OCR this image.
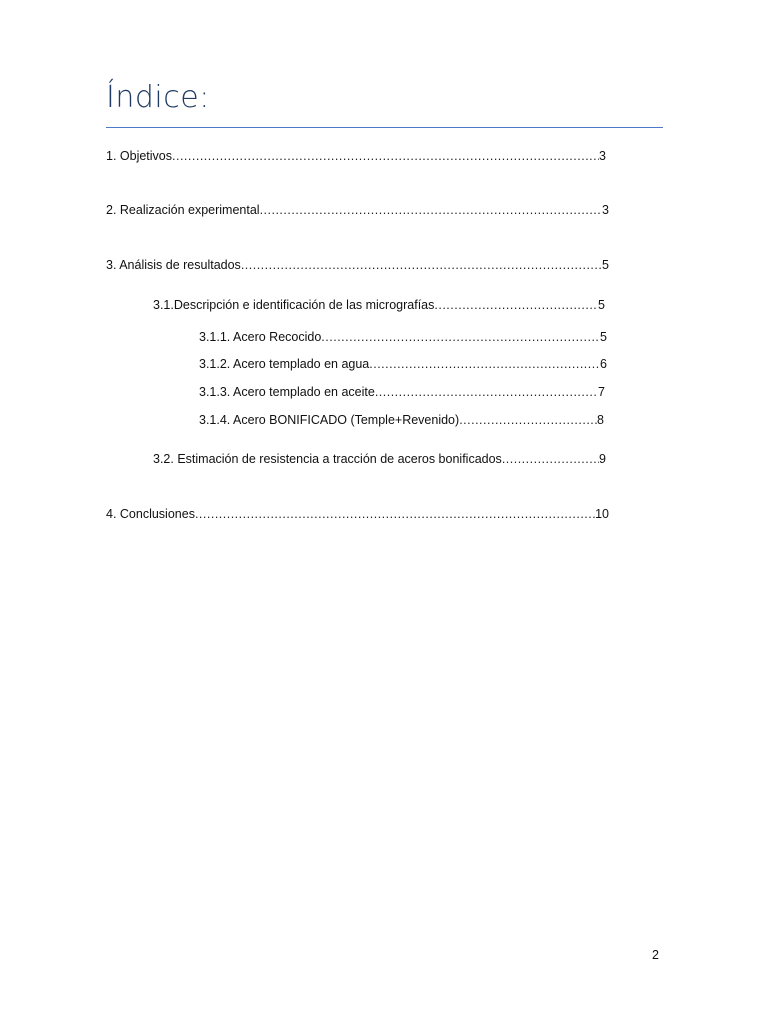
Índice:
1. Objetivos .....	3
2. Realización experimental .....	3
3. Análisis de resultados .....	5
3.1.Descripción e identificación de las micrografías .....	5
3.1.1. Acero Recocido .....	5
3.1.2. Acero templado en agua .....	6
3.1.3. Acero templado en aceite .....	7
3.1.4. Acero BONIFICADO (Temple+Revenido) .....	8
3.2. Estimación de resistencia a tracción de aceros bonificados .....	9
4. Conclusiones .....	10
2
